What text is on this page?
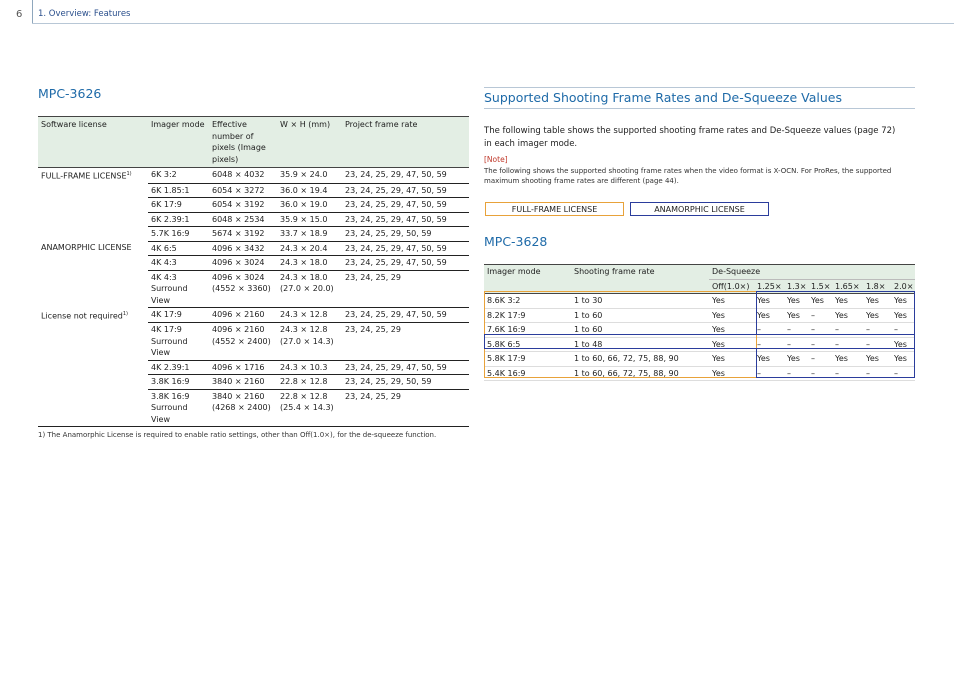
6 1. Overview: Features
MPC-3626
Software license	Imager mode	Effective number of pixels (Image pixels)	W × H (mm)	Project frame rate
FULL-FRAME LICENSE$^{1)}$	6K 3:2	6048 × 4032	35.9 × 24.0	23, 24, 25, 29, 47, 50, 59
	6K 1.85:1	6054 × 3272	36.0 × 19.4	23, 24, 25, 29, 47, 50, 59
	6K 17:9	6054 × 3192	36.0 × 19.0	23, 24, 25, 29, 47, 50, 59
	6K 2.39:1	6048 × 2534	35.9 × 15.0	23, 24, 25, 29, 47, 50, 59
	5.7K 16:9	5674 × 3192	33.7 × 18.9	23, 24, 25, 29, 50, 59
ANAMORPHIC LICENSE	4K 6:5	4096 × 3432	24.3 × 20.4	23, 24, 25, 29, 47, 50, 59
	4K 4:3	4096 × 3024	24.3 × 18.0	23, 24, 25, 29, 47, 50, 59
	4K 4:3 Surround View	4096 × 3024 (4552 × 3360)	24.3 × 18.0 (27.0 × 20.0)	23, 24, 25, 29
License not required$^{1)}$	4K 17:9	4096 × 2160	24.3 × 12.8	23, 24, 25, 29, 47, 50, 59
	4K 17:9 Surround View	4096 × 2160 (4552 × 2400)	24.3 × 12.8 (27.0 × 14.3)	23, 24, 25, 29
	4K 2.39:1	4096 × 1716	24.3 × 10.3	23, 24, 25, 29, 47, 50, 59
	3.8K 16:9	3840 × 2160	22.8 × 12.8	23, 24, 25, 29, 50, 59
	3.8K 16:9 Surround View	3840 × 2160 (4268 × 2400)	22.8 × 12.8 (25.4 × 14.3)	23, 24, 25, 29
1) The Anamorphic License is required to enable ratio settings, other than Off(1.0×), for the de-squeeze function.
Supported Shooting Frame Rates and De-Squeeze Values
The following table shows the supported shooting frame rates and De-Squeeze values (page 72) in each imager mode.
[Note]
The following shows the supported shooting frame rates when the video format is X-OCN. For ProRes, the supported maximum shooting frame rates are different (page 44).
FULL-FRAME LICENSE	ANAMORPHIC LICENSE
MPC-3628
Imager mode	Shooting frame rate	De-Squeeze						
		Off(1.0×)	1.25×	1.3×	1.5×	1.65×	1.8×	2.0×
8.6K 3:2	1 to 30	Yes	Yes	Yes	Yes	Yes	Yes	Yes
8.2K 17:9	1 to 60	Yes	Yes	Yes	–	Yes	Yes	Yes
7.6K 16:9	1 to 60	Yes	–	–	–	–	–	–
5.8K 6:5	1 to 48	Yes	–	–	–	–	–	Yes
5.8K 17:9	1 to 60, 66, 72, 75, 88, 90	Yes	Yes	Yes	–	Yes	Yes	Yes
5.4K 16:9	1 to 60, 66, 72, 75, 88, 90	Yes	–	–	–	–	–	–
